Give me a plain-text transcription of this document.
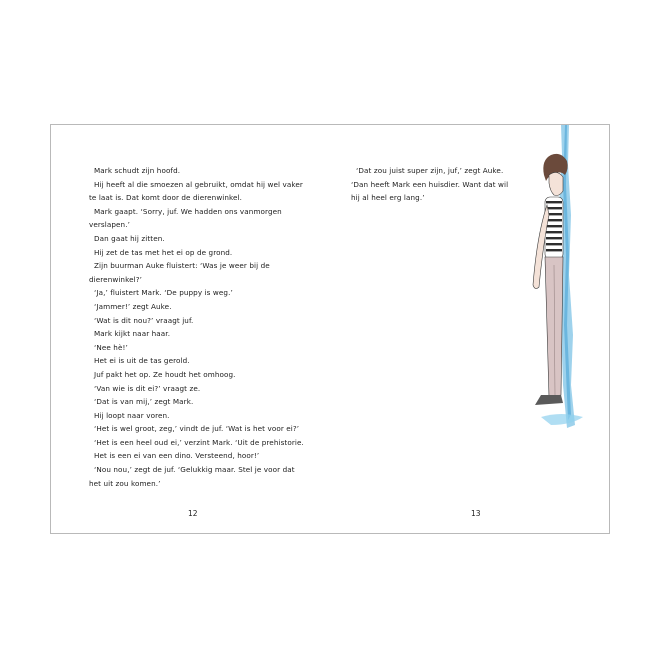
Mark schudt zijn hoofd.
Hij heeft al die smoezen al gebruikt, omdat hij wel vaker
te laat is. Dat komt door de dierenwinkel.
Mark gaapt. ‘Sorry, juf. We hadden ons vanmorgen
verslapen.’
Dan gaat hij zitten.
Hij zet de tas met het ei op de grond.
Zijn buurman Auke fluistert: ‘Was je weer bij de
dierenwinkel?’
‘Ja,’ fluistert Mark. ‘De puppy is weg.’
‘Jammer!’ zegt Auke.
‘Wat is dit nou?’ vraagt juf.
Mark kijkt naar haar.
‘Nee hè!’
Het ei is uit de tas gerold.
Juf pakt het op. Ze houdt het omhoog.
‘Van wie is dit ei?’ vraagt ze.
‘Dat is van mij,’ zegt Mark.
Hij loopt naar voren.
‘Het is wel groot, zeg,’ vindt de juf. ‘Wat is het voor ei?’
‘Het is een heel oud ei,’ verzint Mark. ‘Uit de prehistorie.
Het is een ei van een dino. Versteend, hoor!’
‘Nou nou,’ zegt de juf. ‘Gelukkig maar. Stel je voor dat
het uit zou komen.’
12
‘Dat zou juist super zijn, juf,’ zegt Auke.
‘Dan heeft Mark een huisdier. Want dat wil
hij al heel erg lang.’
13
